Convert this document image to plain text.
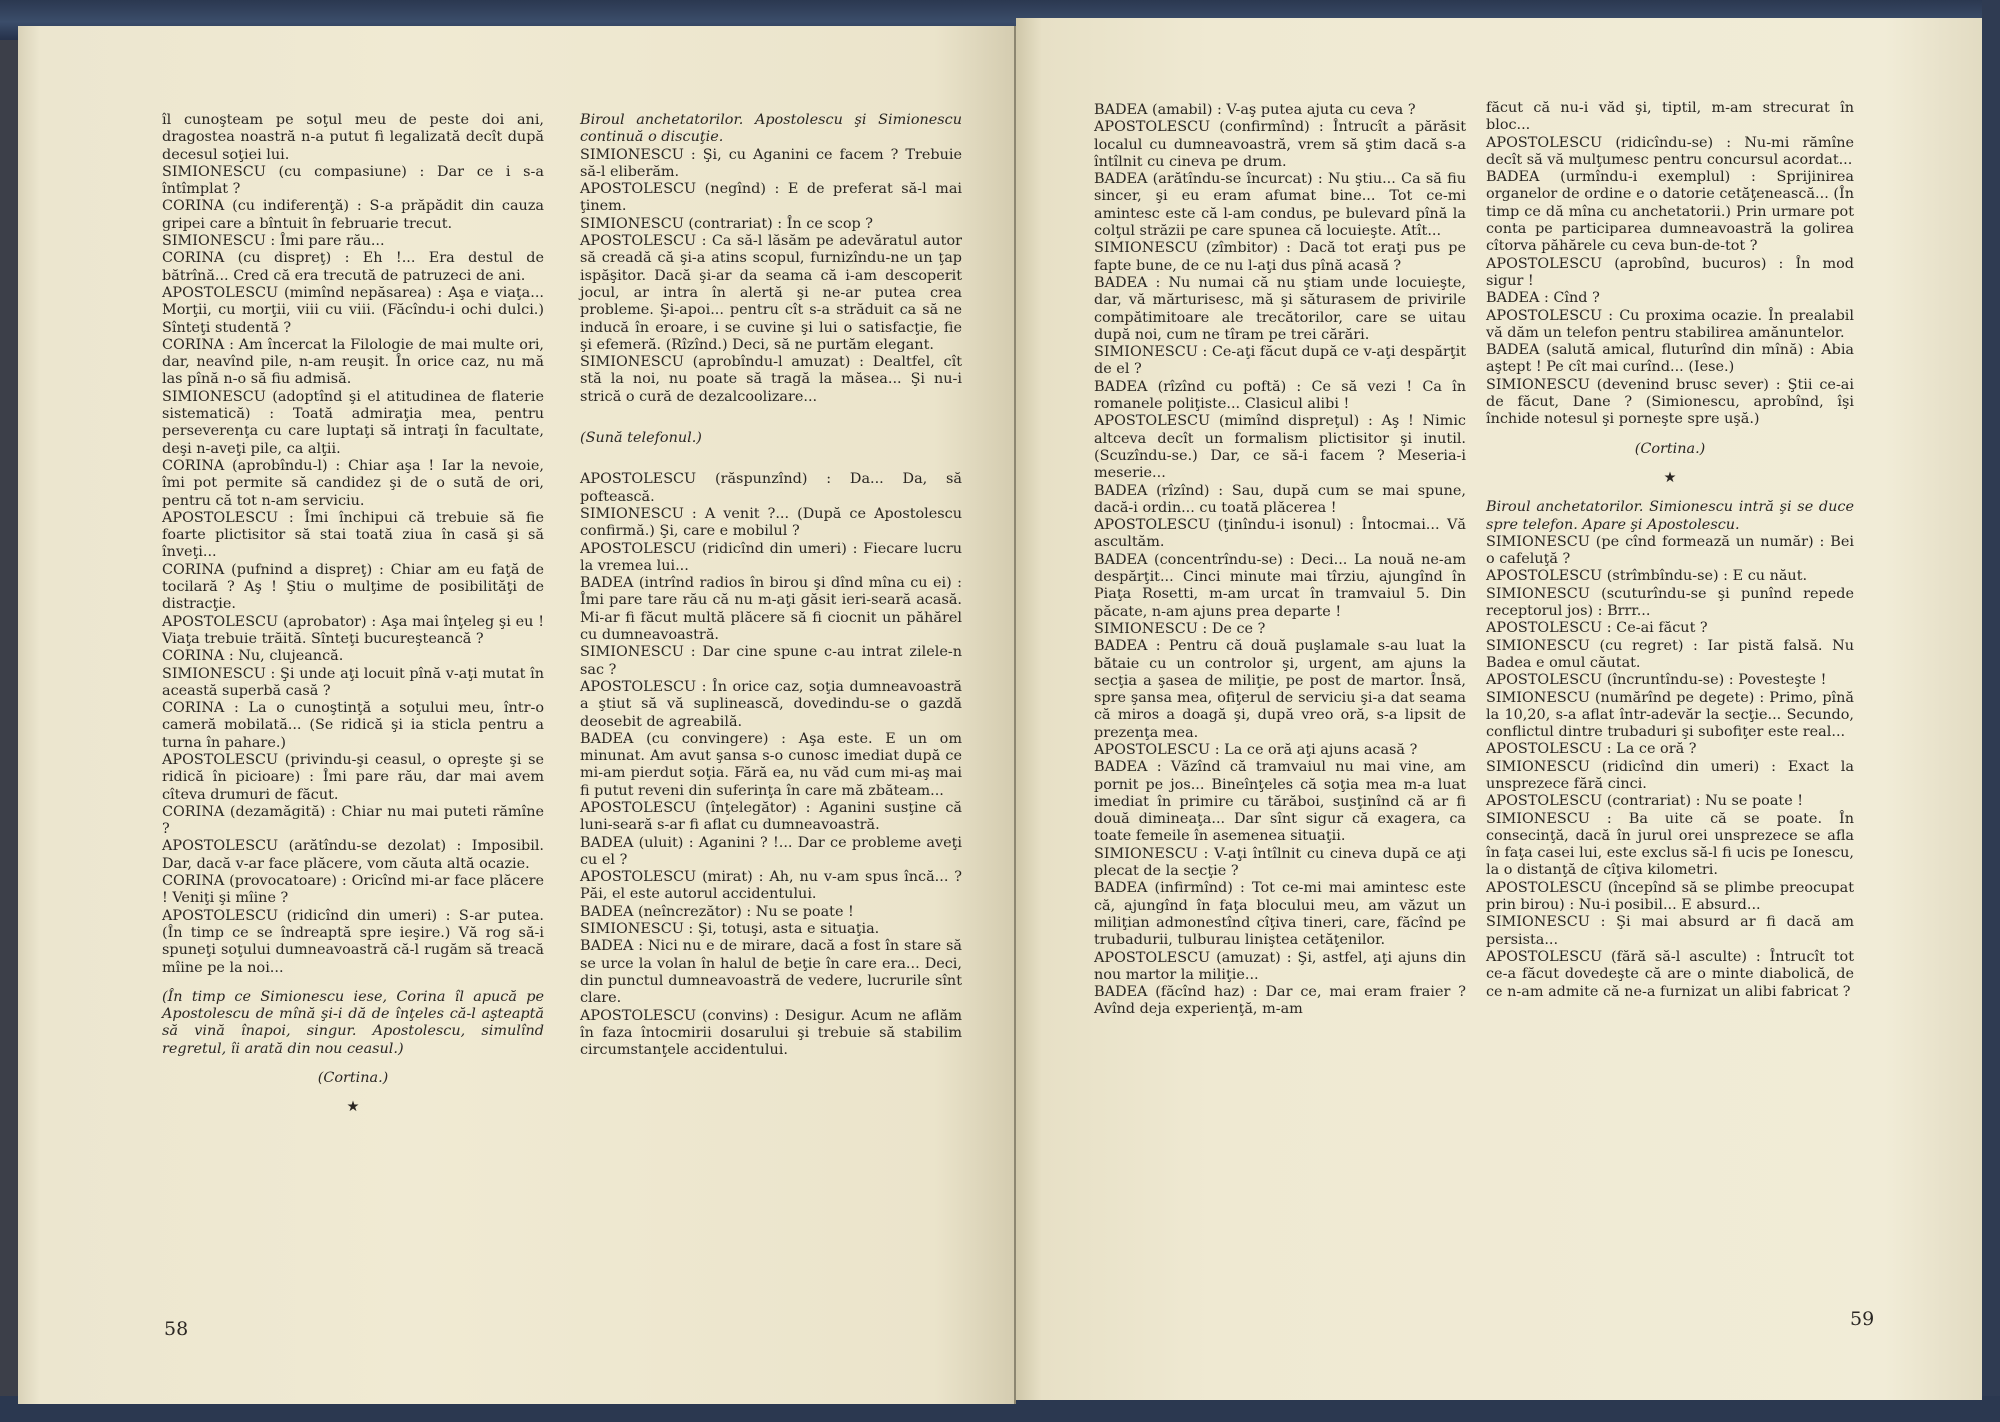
îl cunoşteam pe soţul meu de peste doi ani, dragostea noastră n-a putut fi legalizată decît după decesul soţiei lui.

SIMIONESCU (cu compasiune) : Dar ce i s-a întîmplat ?

CORINA (cu indiferenţă) : S-a prăpădit din cauza gripei care a bîntuit în februarie trecut.

SIMIONESCU : Îmi pare rău...

CORINA (cu dispreţ) : Eh !... Era destul de bătrînă... Cred că era trecută de patruzeci de ani.

APOSTOLESCU (mimînd nepăsarea) : Aşa e viaţa... Morţii, cu morţii, viii cu viii. (Făcîndu-i ochi dulci.) Sînteţi studentă ?

CORINA : Am încercat la Filologie de mai multe ori, dar, neavînd pile, n-am reuşit. În orice caz, nu mă las pînă n-o să fiu admisă.

SIMIONESCU (adoptînd şi el atitudinea de flaterie sistematică) : Toată admiraţia mea, pentru perseverenţa cu care luptaţi să intraţi în facultate, deşi n-aveţi pile, ca alţii.

CORINA (aprobîndu-l) : Chiar aşa ! Iar la nevoie, îmi pot permite să candidez şi de o sută de ori, pentru că tot n-am serviciu.

APOSTOLESCU : Îmi închipui că trebuie să fie foarte plictisitor să stai toată ziua în casă şi să înveţi...

CORINA (pufnind a dispreţ) : Chiar am eu faţă de tocilară ? Aş ! Ştiu o mulţime de posibilităţi de distracţie.

APOSTOLESCU (aprobator) : Aşa mai înţeleg şi eu ! Viaţa trebuie trăită. Sînteţi bucureşteancă ?

CORINA : Nu, clujeancă.

SIMIONESCU : Şi unde aţi locuit pînă v-aţi mutat în această superbă casă ?

CORINA : La o cunoştinţă a soţului meu, într-o cameră mobilată... (Se ridică şi ia sticla pentru a turna în pahare.)

APOSTOLESCU (privindu-şi ceasul, o opreşte şi se ridică în picioare) : Îmi pare rău, dar mai avem cîteva drumuri de făcut.

CORINA (dezamăgită) : Chiar nu mai puteti rămîne ?

APOSTOLESCU (arătîndu-se dezolat) : Imposibil. Dar, dacă v-ar face plăcere, vom căuta altă ocazie.

CORINA (provocatoare) : Oricînd mi-ar face plăcere ! Veniţi şi mîine ?

APOSTOLESCU (ridicînd din umeri) : S-ar putea. (În timp ce se îndreaptă spre ieşire.) Vă rog să-i spuneţi soţului dumneavoastră că-l rugăm să treacă mîine pe la noi...

(În timp ce Simionescu iese, Corina îl apucă pe Apostolescu de mînă şi-i dă de înţeles că-l aşteaptă să vină înapoi, singur. Apostolescu, simulînd regretul, îi arată din nou ceasul.)

(Cortina.)

★

Biroul anchetatorilor. Apostolescu şi Simionescu continuă o discuţie.

SIMIONESCU : Şi, cu Aganini ce facem ? Trebuie să-l eliberăm.

APOSTOLESCU (negînd) : E de preferat să-l mai ţinem.

SIMIONESCU (contrariat) : În ce scop ?

APOSTOLESCU : Ca să-l lăsăm pe adevăratul autor să creadă că şi-a atins scopul, furnizîndu-ne un ţap ispăşitor. Dacă şi-ar da seama că i-am descoperit jocul, ar intra în alertă şi ne-ar putea crea probleme. Şi-apoi... pentru cît s-a străduit ca să ne inducă în eroare, i se cuvine şi lui o satisfacţie, fie şi efemeră. (Rîzînd.) Deci, să ne purtăm elegant.

SIMIONESCU (aprobîndu-l amuzat) : Dealtfel, cît stă la noi, nu poate să tragă la măsea... Şi nu-i strică o cură de dezalcoolizare...

(Sună telefonul.)

APOSTOLESCU (răspunzînd) : Da... Da, să poftească.

SIMIONESCU : A venit ?... (După ce Apostolescu confirmă.) Şi, care e mobilul ?

APOSTOLESCU (ridicînd din umeri) : Fiecare lucru la vremea lui...

BADEA (intrînd radios în birou şi dînd mîna cu ei) : Îmi pare tare rău că nu m-aţi găsit ieri-seară acasă. Mi-ar fi făcut multă plăcere să fi ciocnit un păhărel cu dumneavoastră.

SIMIONESCU : Dar cine spune c-au intrat zilele-n sac ?

APOSTOLESCU : În orice caz, soţia dumneavoastră a ştiut să vă suplinească, dovedindu-se o gazdă deosebit de agreabilă.

BADEA (cu convingere) : Aşa este. E un om minunat. Am avut şansa s-o cunosc imediat după ce mi-am pierdut soţia. Fără ea, nu văd cum mi-aş mai fi putut reveni din suferinţa în care mă zbăteam...

APOSTOLESCU (înţelegător) : Aganini susţine că luni-seară s-ar fi aflat cu dumneavoastră.

BADEA (uluit) : Aganini ? !... Dar ce probleme aveţi cu el ?

APOSTOLESCU (mirat) : Ah, nu v-am spus încă... ? Păi, el este autorul accidentului.

BADEA (neîncrezător) : Nu se poate !

SIMIONESCU : Şi, totuşi, asta e situaţia.

BADEA : Nici nu e de mirare, dacă a fost în stare să se urce la volan în halul de beţie în care era... Deci, din punctul dumneavoastră de vedere, lucrurile sînt clare.

APOSTOLESCU (convins) : Desigur. Acum ne aflăm în faza întocmirii dosarului şi trebuie să stabilim circumstanţele accidentului.

58

BADEA (amabil) : V-aş putea ajuta cu ceva ?

APOSTOLESCU (confirmînd) : Întrucît a părăsit localul cu dumneavoastră, vrem să ştim dacă s-a întîlnit cu cineva pe drum.

BADEA (arătîndu-se încurcat) : Nu ştiu... Ca să fiu sincer, şi eu eram afumat bine... Tot ce-mi amintesc este că l-am condus, pe bulevard pînă la colţul străzii pe care spunea că locuieşte. Atît...

SIMIONESCU (zîmbitor) : Dacă tot eraţi pus pe fapte bune, de ce nu l-aţi dus pînă acasă ?

BADEA : Nu numai că nu ştiam unde locuieşte, dar, vă mărturisesc, mă şi săturasem de privirile compătimitoare ale trecătorilor, care se uitau după noi, cum ne tîram pe trei cărări.

SIMIONESCU : Ce-aţi făcut după ce v-aţi despărţit de el ?

BADEA (rîzînd cu poftă) : Ce să vezi ! Ca în romanele poliţiste... Clasicul alibi !

APOSTOLESCU (mimînd dispreţul) : Aş ! Nimic altceva decît un formalism plictisitor şi inutil. (Scuzîndu-se.) Dar, ce să-i facem ? Meseria-i meserie...

BADEA (rîzînd) : Sau, după cum se mai spune, dacă-i ordin... cu toată plăcerea !

APOSTOLESCU (ţinîndu-i isonul) : Întocmai... Vă ascultăm.

BADEA (concentrîndu-se) : Deci... La nouă ne-am despărţit... Cinci minute mai tîrziu, ajungînd în Piaţa Rosetti, m-am urcat în tramvaiul 5. Din păcate, n-am ajuns prea departe !

SIMIONESCU : De ce ?

BADEA : Pentru că două puşlamale s-au luat la bătaie cu un controlor şi, urgent, am ajuns la secţia a şasea de miliţie, pe post de martor. Însă, spre şansa mea, ofiţerul de serviciu şi-a dat seama că miros a doagă şi, după vreo oră, s-a lipsit de prezenţa mea.

APOSTOLESCU : La ce oră aţi ajuns acasă ?

BADEA : Văzînd că tramvaiul nu mai vine, am pornit pe jos... Bineînţeles că soţia mea m-a luat imediat în primire cu tărăboi, susţinînd că ar fi două dimineaţa... Dar sînt sigur că exagera, ca toate femeile în asemenea situaţii.

SIMIONESCU : V-aţi întîlnit cu cineva după ce aţi plecat de la secţie ?

BADEA (infirmînd) : Tot ce-mi mai amintesc este că, ajungînd în faţa blocului meu, am văzut un miliţian admonestînd cîţiva tineri, care, făcînd pe trubadurii, tulburau liniştea cetăţenilor.

APOSTOLESCU (amuzat) : Şi, astfel, aţi ajuns din nou martor la miliţie...

BADEA (făcînd haz) : Dar ce, mai eram fraier ? Avînd deja experienţă, m-am

făcut că nu-i văd şi, tiptil, m-am strecurat în bloc...

APOSTOLESCU (ridicîndu-se) : Nu-mi rămîne decît să vă mulţumesc pentru concursul acordat...

BADEA (urmîndu-i exemplul) : Sprijinirea organelor de ordine e o datorie cetăţenească... (În timp ce dă mîna cu anchetatorii.) Prin urmare pot conta pe participarea dumneavoastră la golirea cîtorva păhărele cu ceva bun-de-tot ?

APOSTOLESCU (aprobînd, bucuros) : În mod sigur !

BADEA : Cînd ?

APOSTOLESCU : Cu proxima ocazie. În prealabil vă dăm un telefon pentru stabilirea amănuntelor.

BADEA (salută amical, fluturînd din mînă) : Abia aştept ! Pe cît mai curînd... (Iese.)

SIMIONESCU (devenind brusc sever) : Ştii ce-ai de făcut, Dane ? (Simionescu, aprobînd, îşi închide notesul şi porneşte spre uşă.)

(Cortina.)

★

Biroul anchetatorilor. Simionescu intră şi se duce spre telefon. Apare şi Apostolescu.

SIMIONESCU (pe cînd formează un număr) : Bei o cafeluţă ?

APOSTOLESCU (strîmbîndu-se) : E cu năut.

SIMIONESCU (scuturîndu-se şi punînd repede receptorul jos) : Brrr...

APOSTOLESCU : Ce-ai făcut ?

SIMIONESCU (cu regret) : Iar pistă falsă. Nu Badea e omul căutat.

APOSTOLESCU (încruntîndu-se) : Povesteşte !

SIMIONESCU (numărînd pe degete) : Primo, pînă la 10,20, s-a aflat într-adevăr la secţie... Secundo, conflictul dintre trubaduri şi subofiţer este real...

APOSTOLESCU : La ce oră ?

SIMIONESCU (ridicînd din umeri) : Exact la unsprezece fără cinci.

APOSTOLESCU (contrariat) : Nu se poate !

SIMIONESCU : Ba uite că se poate. În consecinţă, dacă în jurul orei unsprezece se afla în faţa casei lui, este exclus să-l fi ucis pe Ionescu, la o distanţă de cîţiva kilometri.

APOSTOLESCU (începînd să se plimbe preocupat prin birou) : Nu-i posibil... E absurd...

SIMIONESCU : Şi mai absurd ar fi dacă am persista...

APOSTOLESCU (fără să-l asculte) : Întrucît tot ce-a făcut dovedeşte că are o minte diabolică, de ce n-am admite că ne-a furnizat un alibi fabricat ?

59
